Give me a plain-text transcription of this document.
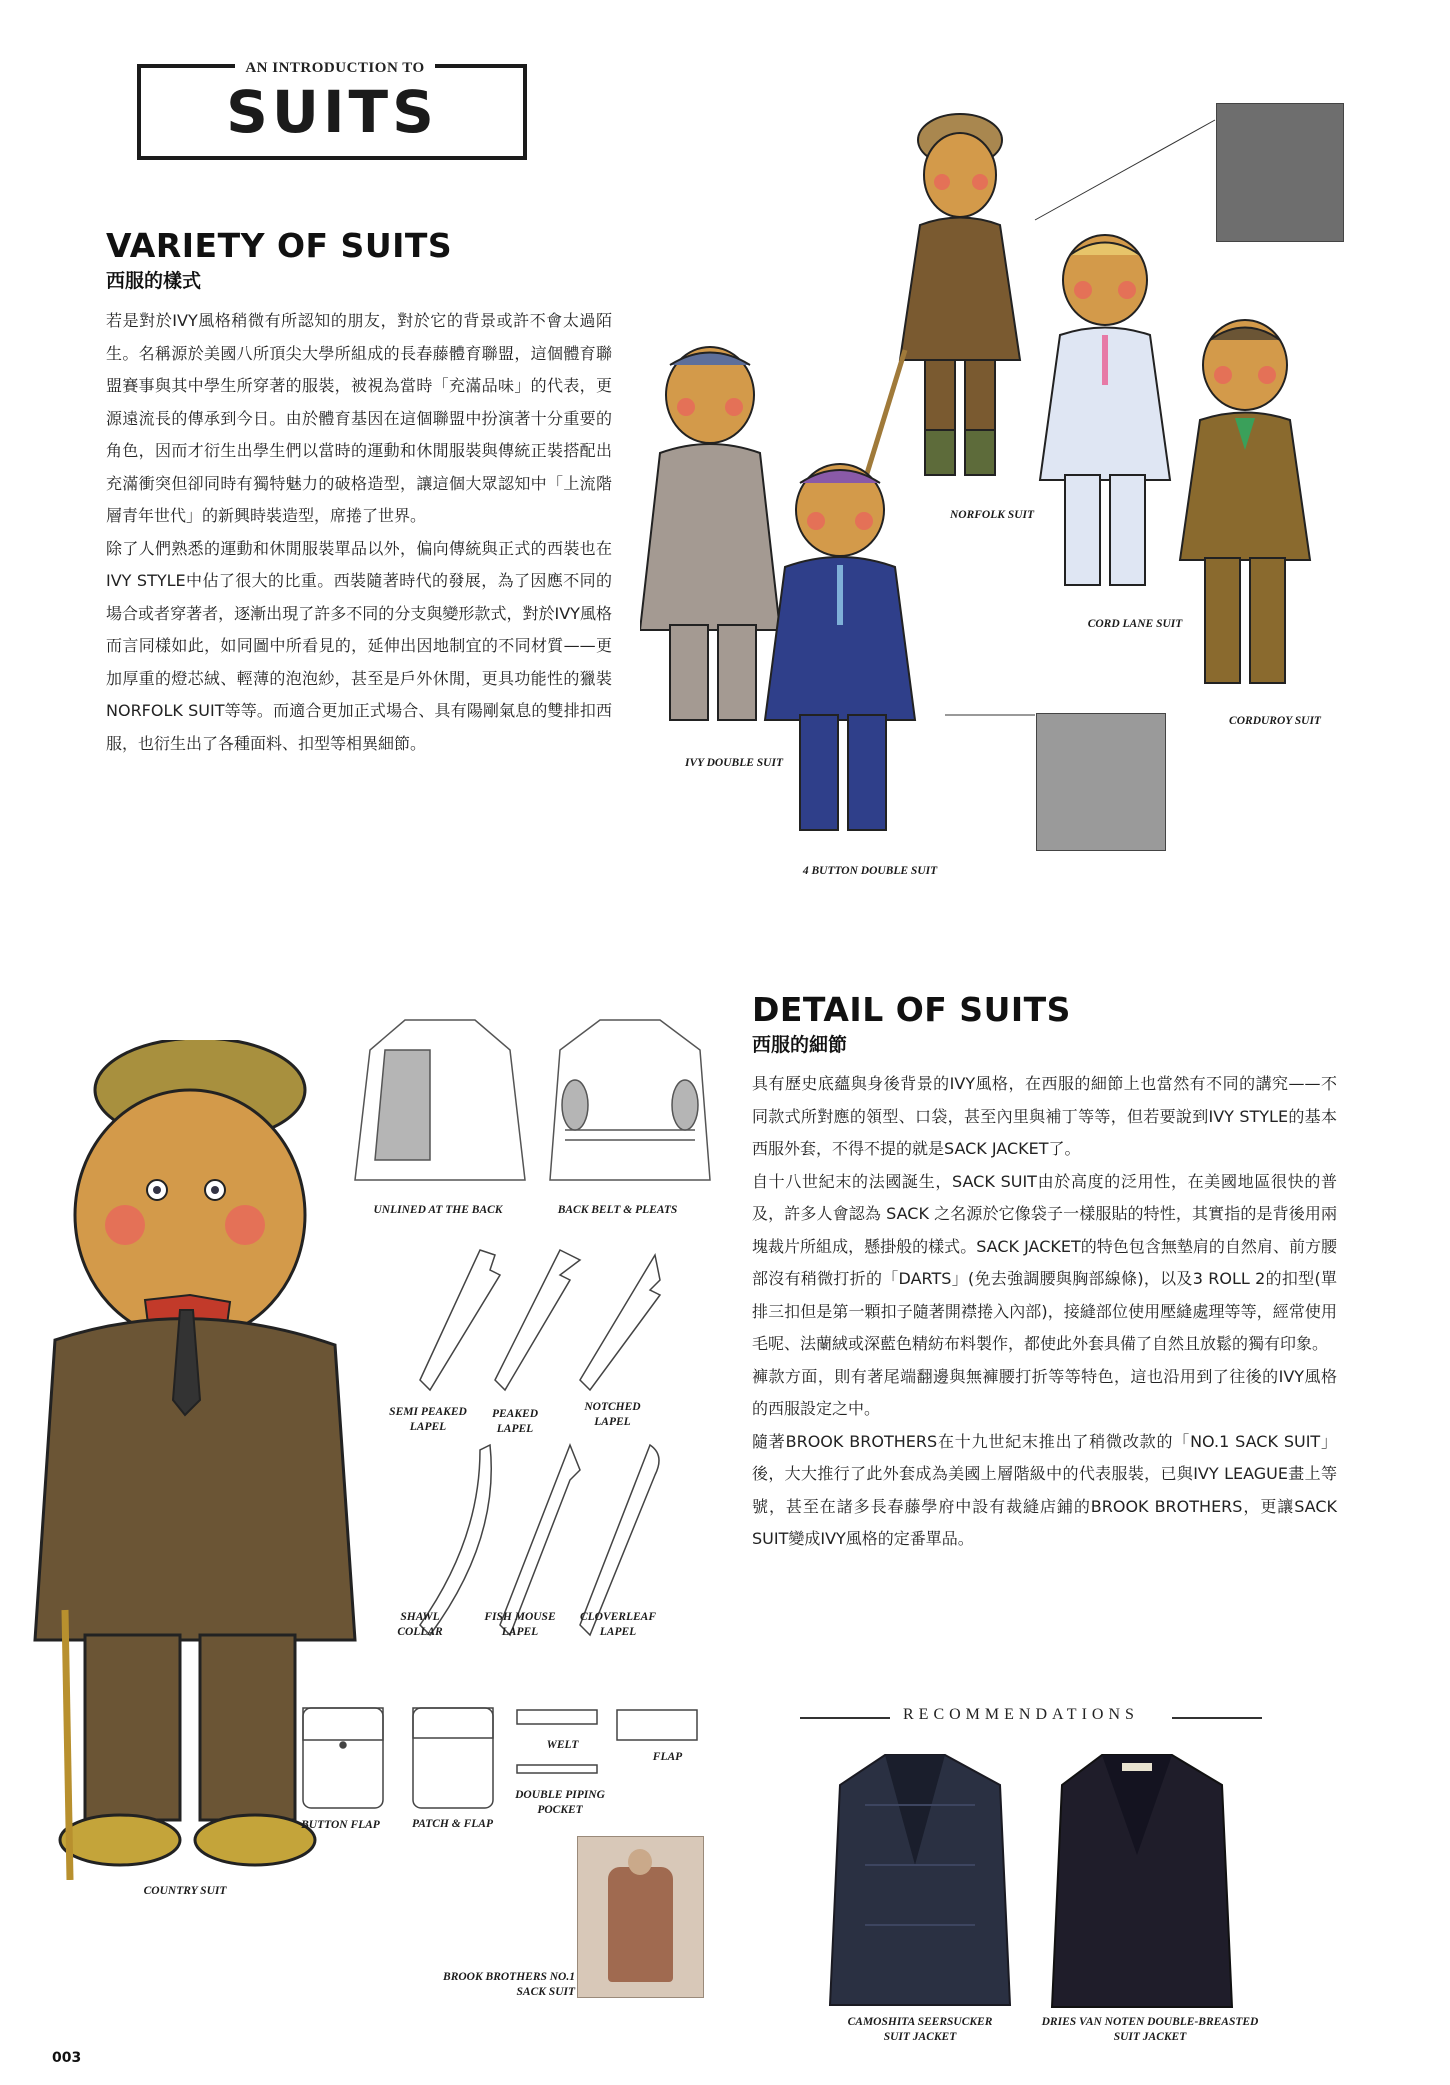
AN INTRODUCTION TO
SUITS
VARIETY OF SUITS
西服的樣式

若是對於IVY風格稍微有所認知的朋友，對於它的背景或許不會太過陌生。名稱源於美國八所頂尖大學所組成的長春藤體育聯盟，這個體育聯盟賽事與其中學生所穿著的服裝，被視為當時「充滿品味」的代表，更源遠流長的傳承到今日。由於體育基因在這個聯盟中扮演著十分重要的角色，因而才衍生出學生們以當時的運動和休閒服裝與傳統正裝搭配出充滿衝突但卻同時有獨特魅力的破格造型，讓這個大眾認知中「上流階層青年世代」的新興時裝造型，席捲了世界。

除了人們熟悉的運動和休閒服裝單品以外，偏向傳統與正式的西裝也在IVY STYLE中佔了很大的比重。西裝隨著時代的發展，為了因應不同的場合或者穿著者，逐漸出現了許多不同的分支與變形款式，對於IVY風格而言同樣如此，如同圖中所看見的，延伸出因地制宜的不同材質——更加厚重的燈芯絨、輕薄的泡泡紗，甚至是戶外休閒，更具功能性的獵裝NORFOLK SUIT等等。而適合更加正式場合、具有陽剛氣息的雙排扣西服，也衍生出了各種面料、扣型等相異細節。

NORFOLK SUIT
CORD LANE SUIT
CORDUROY SUIT
IVY DOUBLE SUIT
4 BUTTON DOUBLE SUIT
DETAIL OF SUITS
西服的細節

具有歷史底蘊與身後背景的IVY風格，在西服的細節上也當然有不同的講究——不同款式所對應的領型、口袋，甚至內里與補丁等等，但若要說到IVY STYLE的基本西服外套，不得不提的就是SACK JACKET了。

自十八世紀末的法國誕生，SACK SUIT由於高度的泛用性，在美國地區很快的普及，許多人會認為 SACK 之名源於它像袋子一樣服貼的特性，其實指的是背後用兩塊裁片所組成，懸掛般的樣式。SACK JACKET的特色包含無墊肩的自然肩、前方腰部沒有稍微打折的「DARTS」(免去強調腰與胸部線條)，以及3 ROLL 2的扣型(單排三扣但是第一顆扣子隨著開襟捲入內部)，接縫部位使用壓縫處理等等，經常使用毛呢、法蘭絨或深藍色精紡布料製作，都使此外套具備了自然且放鬆的獨有印象。

褲款方面，則有著尾端翻邊與無褲腰打折等等特色，這也沿用到了往後的IVY風格的西服設定之中。

隨著BROOK BROTHERS在十九世紀末推出了稍微改款的「NO.1 SACK SUIT」後，大大推行了此外套成為美國上層階級中的代表服裝，已與IVY LEAGUE畫上等號，甚至在諸多長春藤學府中設有裁縫店鋪的BROOK BROTHERS，更讓SACK SUIT變成IVY風格的定番單品。

COUNTRY SUIT
UNLINED AT THE BACK	BACK BELT & PLEATS
SEMI PEAKED
LAPEL
PEAKED
LAPEL
NOTCHED
LAPEL
SHAWL
COLLAR
FISH MOUSE
LAPEL
CLOVERLEAF
LAPEL
WELT
FLAP
DOUBLE PIPING
POCKET
BUTTON FLAP	PATCH & FLAP
BROOK BROTHERS NO.1
SACK SUIT
RECOMMENDATIONS
CAMOSHITA SEERSUCKER
SUIT JACKET
DRIES VAN NOTEN DOUBLE-BREASTED
SUIT JACKET
003
